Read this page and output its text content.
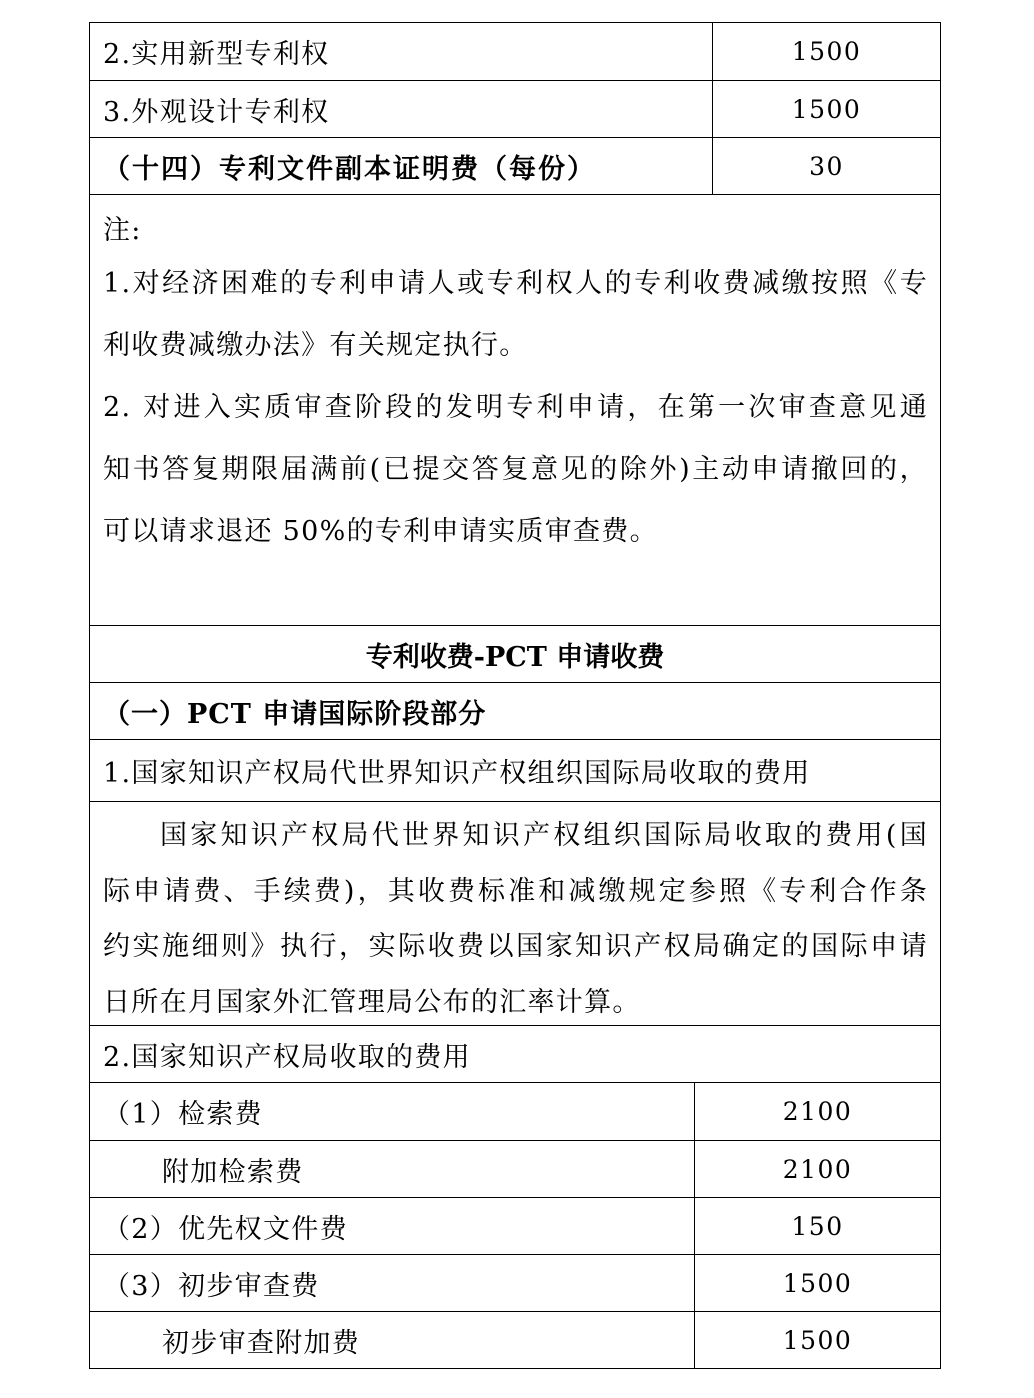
2.实用新型专利权	1500
3.外观设计专利权	1500
（十四）专利文件副本证明费（每份）	30
注:
1.对经济困难的专利申请人或专利权人的专利收费减缴按照《专
利收费减缴办法》有关规定执行。
2. 对进入实质审查阶段的发明专利申请，在第一次审查意见通
知书答复期限届满前(已提交答复意见的除外)主动申请撤回的，
可以请求退还 50%的专利申请实质审查费。
专利收费-PCT 申请收费
（一）PCT 申请国际阶段部分
1.国家知识产权局代世界知识产权组织国际局收取的费用
国家知识产权局代世界知识产权组织国际局收取的费用(国
际申请费、手续费)，其收费标准和减缴规定参照《专利合作条
约实施细则》执行，实际收费以国家知识产权局确定的国际申请
日所在月国家外汇管理局公布的汇率计算。
2.国家知识产权局收取的费用
（1）检索费	2100
附加检索费	2100
（2）优先权文件费	150
（3）初步审查费	1500
初步审查附加费	1500
